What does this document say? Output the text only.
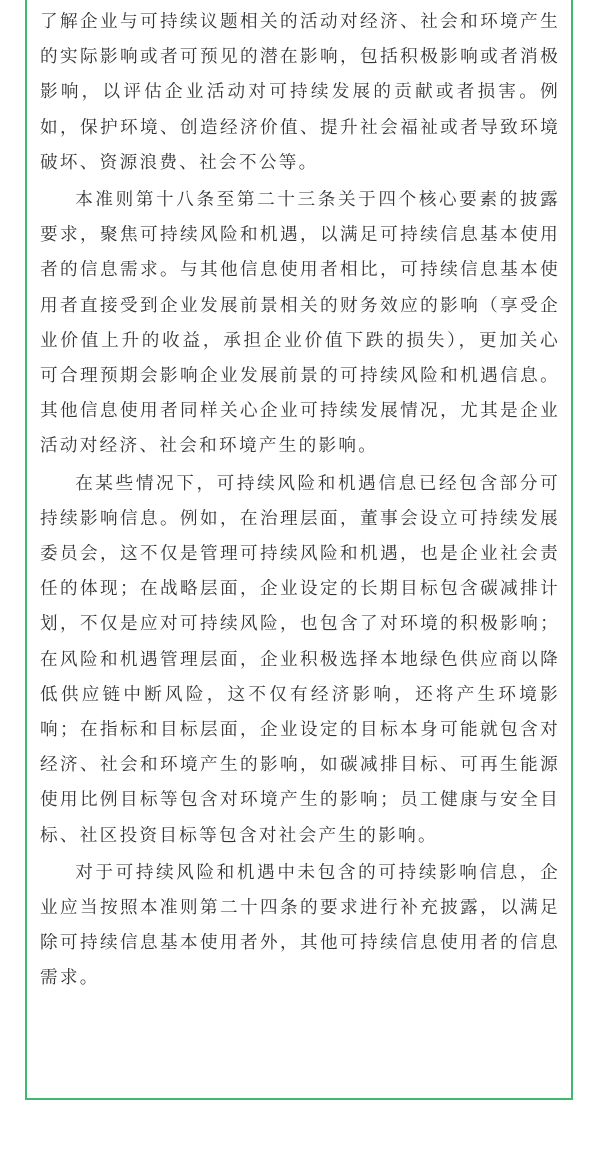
了解企业与可持续议题相关的活动对经济、社会和环境产生的实际影响或者可预见的潜在影响，包括积极影响或者消极影响，以评估企业活动对可持续发展的贡献或者损害。例如，保护环境、创造经济价值、提升社会福祉或者导致环境破坏、资源浪费、社会不公等。

本准则第十八条至第二十三条关于四个核心要素的披露要求，聚焦可持续风险和机遇，以满足可持续信息基本使用者的信息需求。与其他信息使用者相比，可持续信息基本使用者直接受到企业发展前景相关的财务效应的影响（享受企业价值上升的收益，承担企业价值下跌的损失），更加关心可合理预期会影响企业发展前景的可持续风险和机遇信息。其他信息使用者同样关心企业可持续发展情况，尤其是企业活动对经济、社会和环境产生的影响。

在某些情况下，可持续风险和机遇信息已经包含部分可持续影响信息。例如，在治理层面，董事会设立可持续发展委员会，这不仅是管理可持续风险和机遇，也是企业社会责任的体现；在战略层面，企业设定的长期目标包含碳减排计划，不仅是应对可持续风险，也包含了对环境的积极影响；在风险和机遇管理层面，企业积极选择本地绿色供应商以降低供应链中断风险，这不仅有经济影响，还将产生环境影响；在指标和目标层面，企业设定的目标本身可能就包含对经济、社会和环境产生的影响，如碳减排目标、可再生能源使用比例目标等包含对环境产生的影响；员工健康与安全目标、社区投资目标等包含对社会产生的影响。

对于可持续风险和机遇中未包含的可持续影响信息，企业应当按照本准则第二十四条的要求进行补充披露，以满足除可持续信息基本使用者外，其他可持续信息使用者的信息需求。
